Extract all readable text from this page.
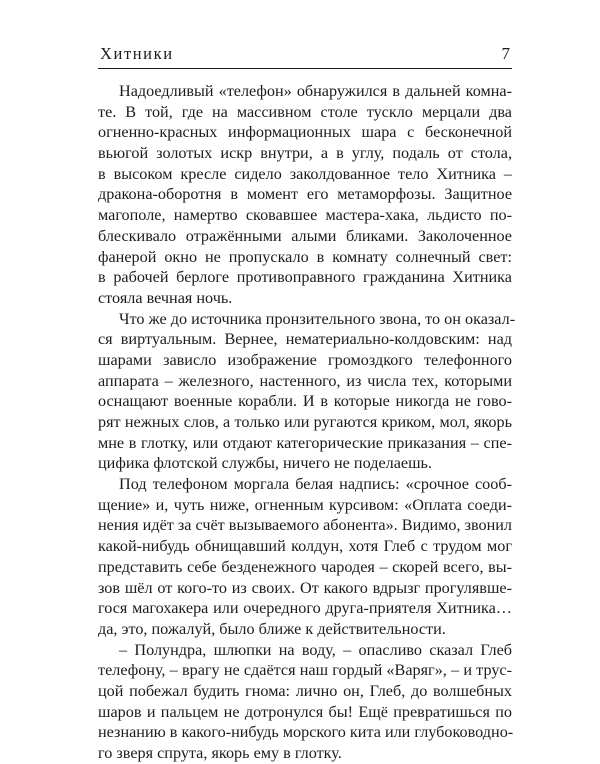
Хитники	7
Надоедливый «телефон» обнаружился в дальней комна-
те. В той, где на массивном столе тускло мерцали два
огненно-красных информационных шара с бесконечной
вьюгой золотых искр внутри, а в углу, подаль от стола,
в высоком кресле сидело заколдованное тело Хитника –
дракона-оборотня в момент его метаморфозы. Защитное
магополе, намертво сковавшее мастера-хака, льдисто по-
блескивало отражёнными алыми бликами. Заколоченное
фанерой окно не пропускало в комнату солнечный свет:
в рабочей берлоге противоправного гражданина Хитника
стояла вечная ночь.
Что же до источника пронзительного звона, то он оказал-
ся виртуальным. Вернее, нематериально-колдовским: над
шарами зависло изображение громоздкого телефонного
аппарата – железного, настенного, из числа тех, которыми
оснащают военные корабли. И в которые никогда не гово-
рят нежных слов, а только или ругаются криком, мол, якорь
мне в глотку, или отдают категорические приказания – спе-
цифика флотской службы, ничего не поделаешь.
Под телефоном моргала белая надпись: «срочное сооб-
щение» и, чуть ниже, огненным курсивом: «Оплата соеди-
нения идёт за счёт вызываемого абонента». Видимо, звонил
какой-нибудь обнищавший колдун, хотя Глеб с трудом мог
представить себе безденежного чародея – скорей всего, вы-
зов шёл от кого-то из своих. От какого вдрызг прогулявше-
гося магохакера или очередного друга-приятеля Хитника…
да, это, пожалуй, было ближе к действительности.
– Полундра, шлюпки на воду, – опасливо сказал Глеб
телефону, – врагу не сдаётся наш гордый «Варяг», – и трус-
цой побежал будить гнома: лично он, Глеб, до волшебных
шаров и пальцем не дотронулся бы! Ещё превратишься по
незнанию в какого-нибудь морского кита или глубоководно-
го зверя спрута, якорь ему в глотку.
